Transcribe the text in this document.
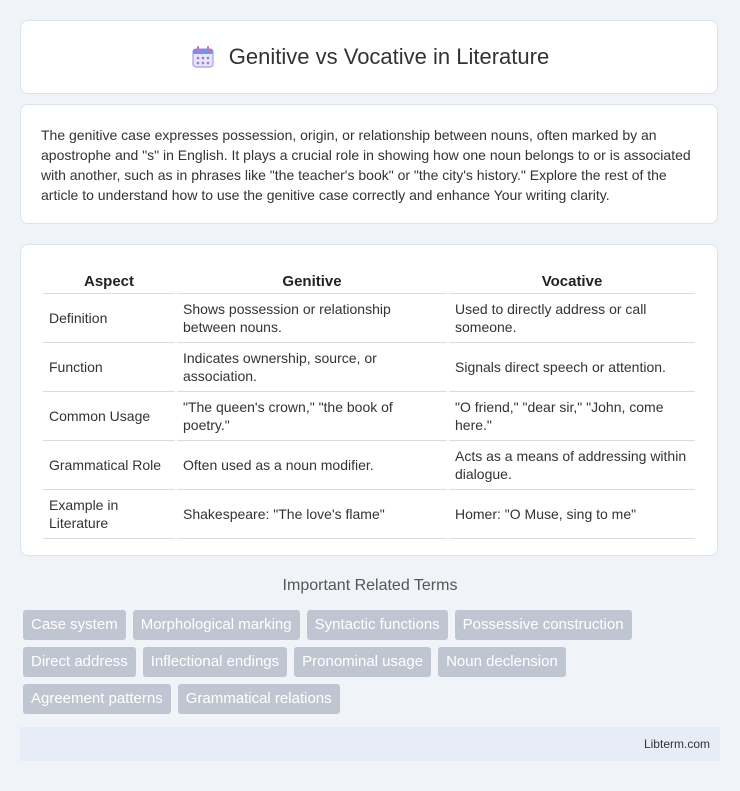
Genitive vs Vocative in Literature

The genitive case expresses possession, origin, or relationship between nouns, often marked by an apostrophe and "s" in English. It plays a crucial role in showing how one noun belongs to or is associated with another, such as in phrases like "the teacher's book" or "the city's history." Explore the rest of the article to understand how to use the genitive case correctly and enhance Your writing clarity.

Aspect	Genitive	Vocative
Definition	Shows possession or relationship between nouns.	Used to directly address or call someone.
Function	Indicates ownership, source, or association.	Signals direct speech or attention.
Common Usage	"The queen's crown," "the book of poetry."	"O friend," "dear sir," "John, come here."
Grammatical Role	Often used as a noun modifier.	Acts as a means of addressing within dialogue.
Example in Literature	Shakespeare: "The love's flame"	Homer: "O Muse, sing to me"
Important Related Terms
Case system	Morphological marking	Syntactic functions	Possessive construction
Direct address	Inflectional endings	Pronominal usage	Noun declension
Agreement patterns	Grammatical relations
Libterm.com
